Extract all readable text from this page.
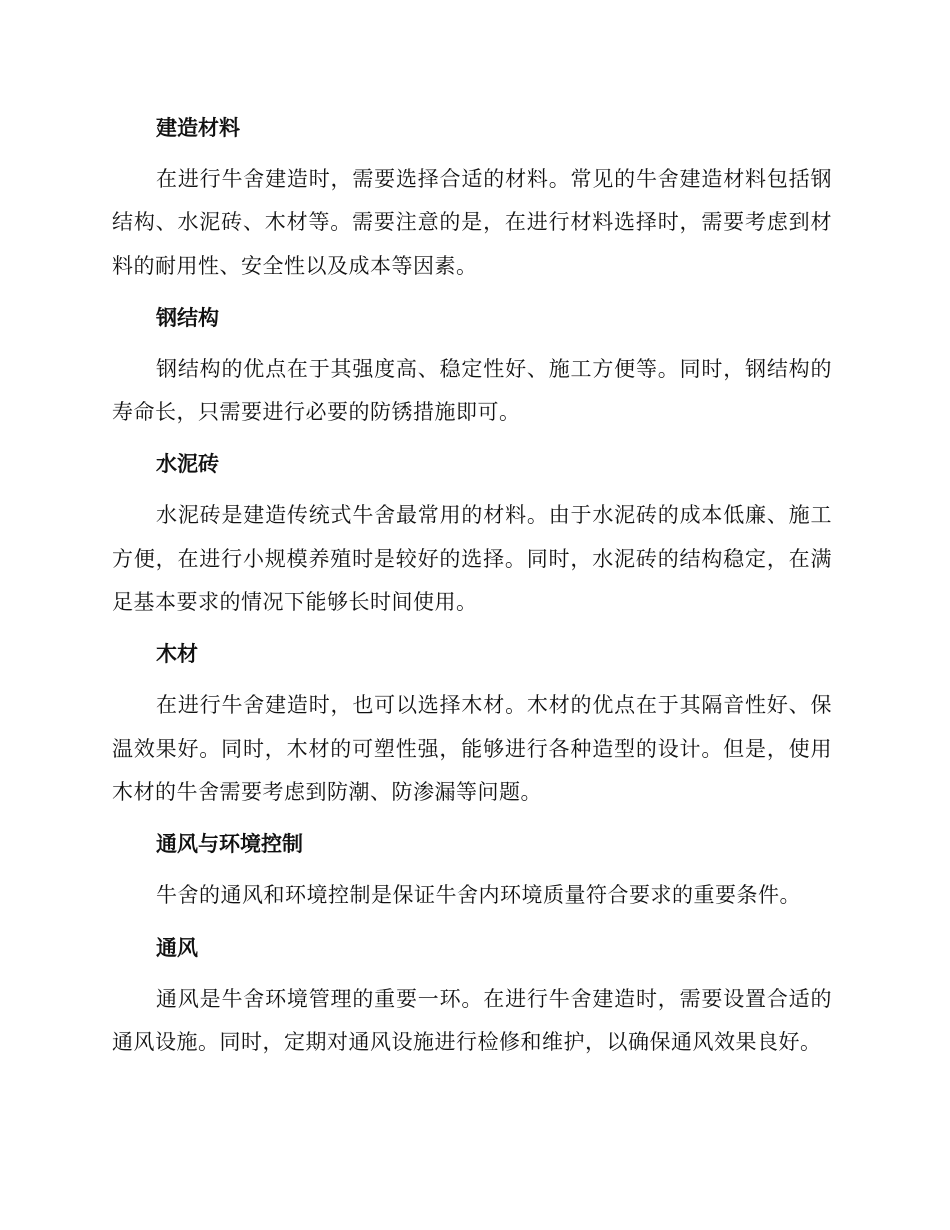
建造材料

在进行牛舍建造时，需要选择合适的材料。常见的牛舍建造材料包括钢结构、水泥砖、木材等。需要注意的是，在进行材料选择时，需要考虑到材料的耐用性、安全性以及成本等因素。

钢结构

钢结构的优点在于其强度高、稳定性好、施工方便等。同时，钢结构的寿命长，只需要进行必要的防锈措施即可。

水泥砖

水泥砖是建造传统式牛舍最常用的材料。由于水泥砖的成本低廉、施工方便，在进行小规模养殖时是较好的选择。同时，水泥砖的结构稳定，在满足基本要求的情况下能够长时间使用。

木材

在进行牛舍建造时，也可以选择木材。木材的优点在于其隔音性好、保温效果好。同时，木材的可塑性强，能够进行各种造型的设计。但是，使用木材的牛舍需要考虑到防潮、防渗漏等问题。

通风与环境控制

牛舍的通风和环境控制是保证牛舍内环境质量符合要求的重要条件。

通风

通风是牛舍环境管理的重要一环。在进行牛舍建造时，需要设置合适的通风设施。同时，定期对通风设施进行检修和维护，以确保通风效果良好。
